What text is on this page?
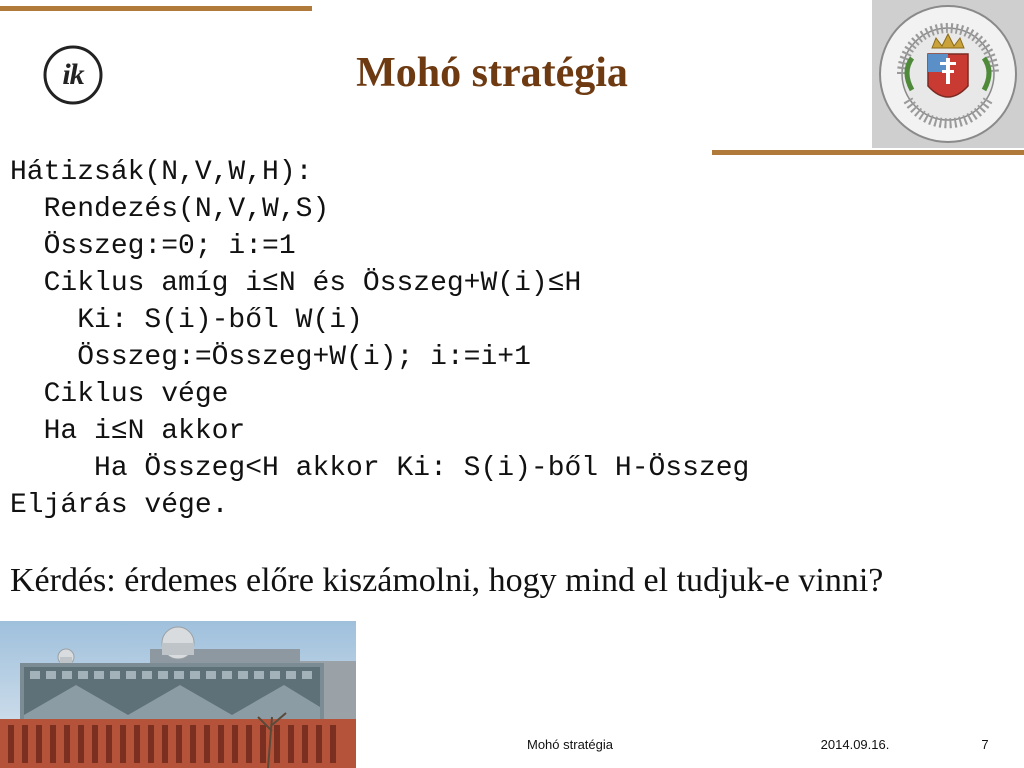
ik	Mohó stratégia
Hátizsák(N,V,W,H):
Rendezés(N,V,W,S)
Összeg:=0; i:=1
Ciklus amíg i≤N és Összeg+W(i)≤H
Ki: S(i)-ből W(i)
Összeg:=Összeg+W(i); i:=i+1
Ciklus vége
Ha i≤N akkor
Ha Összeg<H akkor Ki: S(i)-ből H-Összeg
Eljárás vége.
Kérdés: érdemes előre kiszámolni, hogy mind el tudjuk-e vinni?
Mohó stratégia	2014.09.16.	7
